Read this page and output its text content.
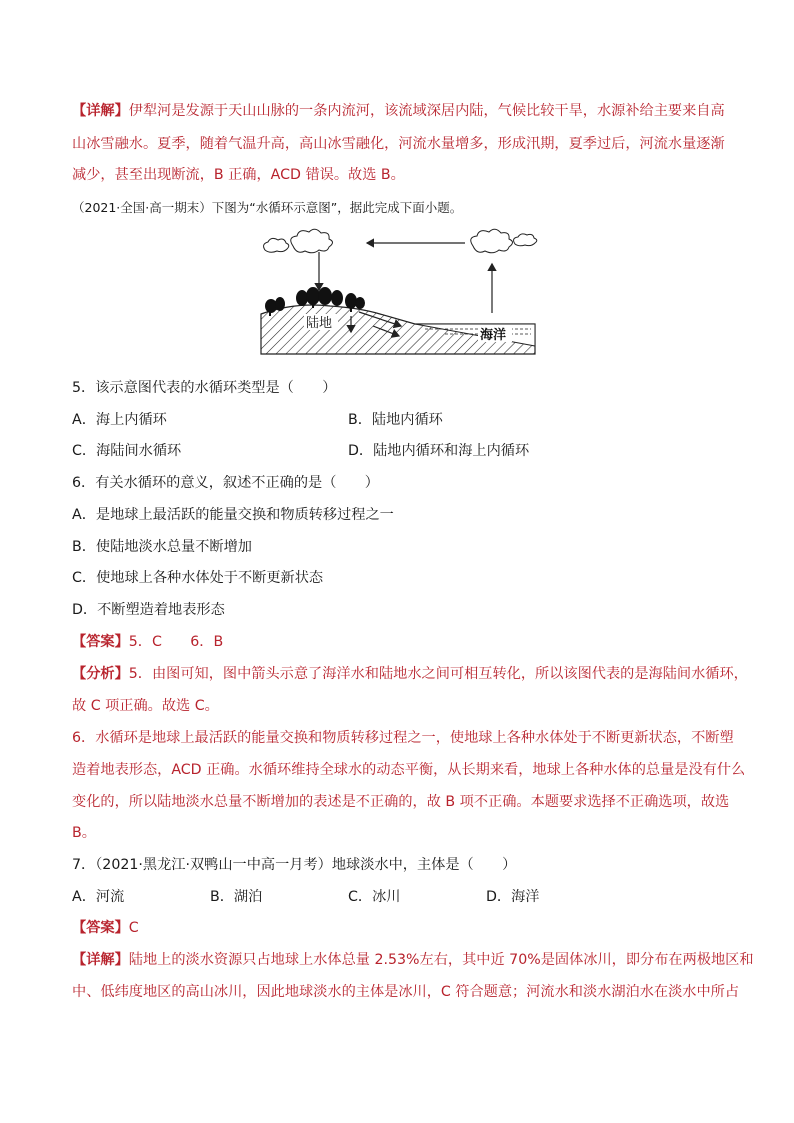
【详解】伊犁河是发源于天山山脉的一条内流河，该流域深居内陆，气候比较干旱，水源补给主要来自高
山冰雪融水。夏季，随着气温升高，高山冰雪融化，河流水量增多，形成汛期，夏季过后，河流水量逐渐
减少，甚至出现断流，B 正确，ACD 错误。故选 B。
（2021·全国·高一期末）下图为“水循环示意图”，据此完成下面小题。
陆地
海洋
5．该示意图代表的水循环类型是（　　）
A．海上内循环	B．陆地内循环
C．海陆间水循环	D．陆地内循环和海上内循环
6．有关水循环的意义，叙述不正确的是（　　）
A．是地球上最活跃的能量交换和物质转移过程之一
B．使陆地淡水总量不断增加
C．使地球上各种水体处于不断更新状态
D．不断塑造着地表形态
【答案】5．C　　6．B
【分析】5．由图可知，图中箭头示意了海洋水和陆地水之间可相互转化，所以该图代表的是海陆间水循环，
故 C 项正确。故选 C。
6．水循环是地球上最活跃的能量交换和物质转移过程之一，使地球上各种水体处于不断更新状态，不断塑
造着地表形态，ACD 正确。水循环维持全球水的动态平衡，从长期来看，地球上各种水体的总量是没有什么
变化的，所以陆地淡水总量不断增加的表述是不正确的，故 B 项不正确。本题要求选择不正确选项，故选
B。
7．（2021·黑龙江·双鸭山一中高一月考）地球淡水中，主体是（　　）
A．河流	B．湖泊	C．冰川	D．海洋
【答案】C
【详解】陆地上的淡水资源只占地球上水体总量 2.53%左右，其中近 70%是固体冰川，即分布在两极地区和
中、低纬度地区的高山冰川，因此地球淡水的主体是冰川，C 符合题意；河流水和淡水湖泊水在淡水中所占
